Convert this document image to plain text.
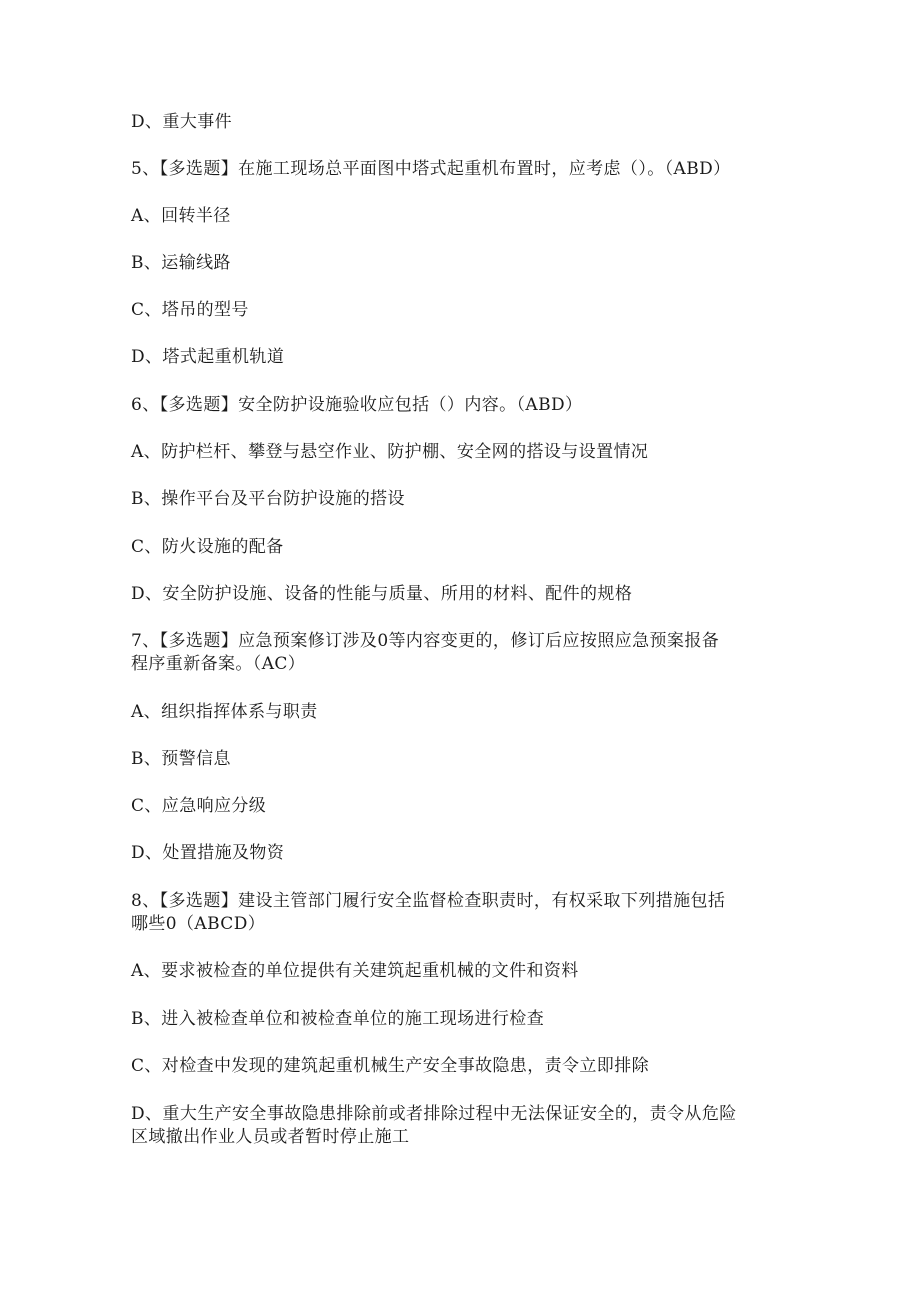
D、重大事件
5、【多选题】在施工现场总平面图中塔式起重机布置时，应考虑（）。（ABD）
A、回转半径
B、运输线路
C、塔吊的型号
D、塔式起重机轨道
6、【多选题】安全防护设施验收应包括（）内容。（ABD）
A、防护栏杆、攀登与悬空作业、防护棚、安全网的搭设与设置情况
B、操作平台及平台防护设施的搭设
C、防火设施的配备
D、安全防护设施、设备的性能与质量、所用的材料、配件的规格
7、【多选题】应急预案修订涉及0等内容变更的，修订后应按照应急预案报备
程序重新备案。（AC）
A、组织指挥体系与职责
B、预警信息
C、应急响应分级
D、处置措施及物资
8、【多选题】建设主管部门履行安全监督检查职责时，有权采取下列措施包括
哪些0（ABCD）
A、要求被检查的单位提供有关建筑起重机械的文件和资料
B、进入被检查单位和被检查单位的施工现场进行检查
C、对检查中发现的建筑起重机械生产安全事故隐患，责令立即排除
D、重大生产安全事故隐患排除前或者排除过程中无法保证安全的，责令从危险
区域撤出作业人员或者暂时停止施工
